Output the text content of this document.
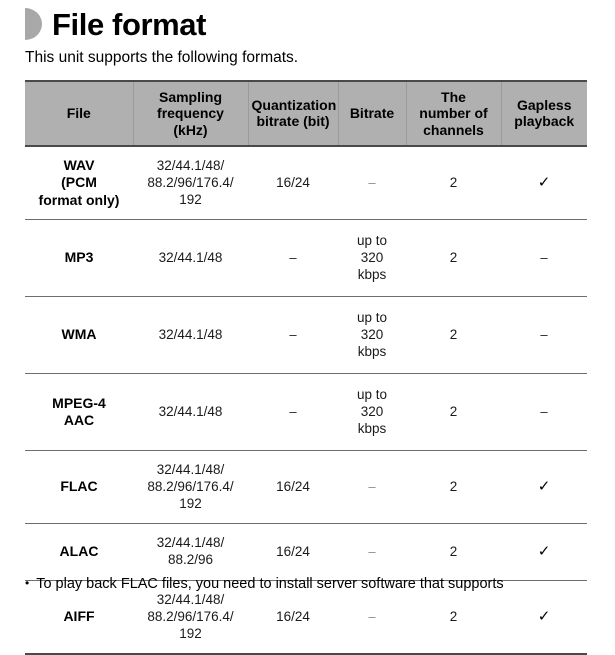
File format
This unit supports the following formats.
File	Sampling
frequency
(kHz)	Quantization
bitrate (bit)	Bitrate	The
number of
channels	Gapless
playback

WAV
(PCM
format only)	32/44.1/48/
88.2/96/176.4/
192	16/24	–	2	✓

MP3	32/44.1/48	–	up to
320
kbps	2	–

WMA	32/44.1/48	–	up to
320
kbps	2	–

MPEG-4
AAC	32/44.1/48	–	up to
320
kbps	2	–

FLAC	32/44.1/48/
88.2/96/176.4/
192	16/24	–	2	✓

ALAC	32/44.1/48/
88.2/96	16/24	–	2	✓

AIFF	32/44.1/48/
88.2/96/176.4/
192	16/24	–	2	✓
• To play back FLAC files, you need to install server software that supports
